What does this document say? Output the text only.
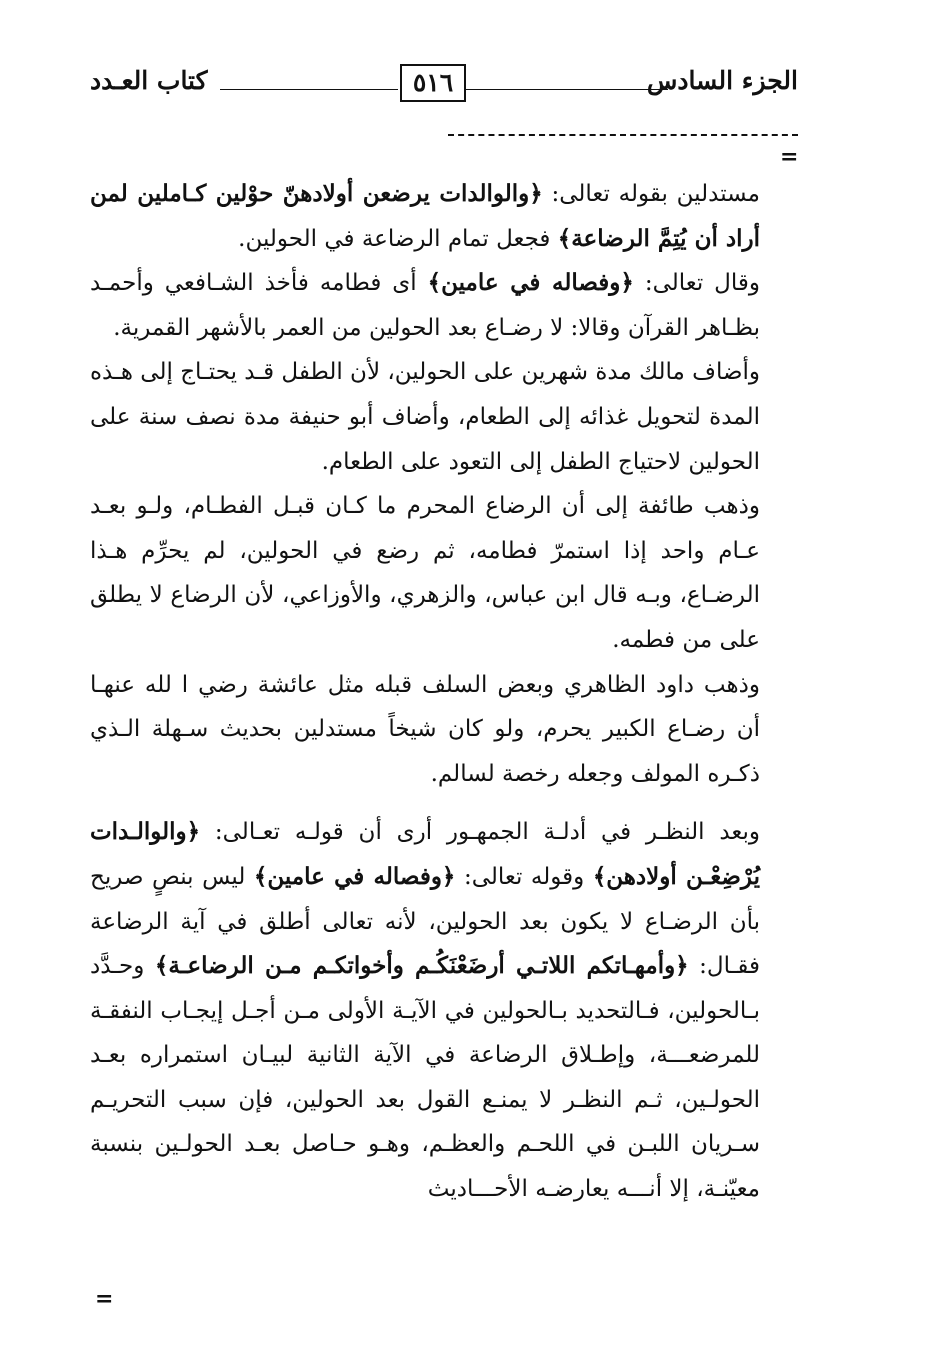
الجزء السادس
٥١٦
كتاب العـدد
=
=

مستدلين بقوله تعالى: ﴿والوالدات يرضعن أولادهنّ حوْلين كـاملين لمن أراد أن يُتِمَّ الرضاعة﴾ فجعل تمام الرضاعة في الحولين.

وقال تعالى: ﴿وفصاله في عامين﴾ أى فطامه فأخذ الشـافعي وأحمـد بظـاهر القرآن وقالا: لا رضـاع بعد الحولين من العمر بالأشهر القمرية.

وأضاف مالك مدة شهرين على الحولين، لأن الطفل قـد يحتـاج إلى هـذه المدة لتحويل غذائه إلى الطعام، وأضاف أبو حنيفة مدة نصف سنة على الحولين لاحتياج الطفل إلى التعود على الطعام.

وذهب طائفة إلى أن الرضاع المحرم ما كـان قبـل الفطـام، ولـو بعـد عـام واحد إذا استمرّ فطامه، ثم رضع في الحولين، لم يحرِّم هـذا الرضـاع، وبـه قال ابن عباس، والزهري، والأوزاعي، لأن الرضاع لا يطلق على من فطمه.

وذهب داود الظاهري وبعض السلف قبله مثل عائشة رضي ا لله عنهـا أن رضـاع الكبير يحرم، ولو كان شيخاً مستدلين بحديث سـهلة الـذي ذكـره المولف وجعله رخصة لسالم.

وبعد النظـر في أدلـة الجمهـور أرى أن قولـه تعـالى: ﴿والوالـدات يُرْضِعْـن أولادهن﴾ وقوله تعالى: ﴿وفصاله في عامين﴾ ليس بنصٍ صريح بأن الرضـاع لا يكون بعد الحولين، لأنه تعالى أطلق في آية الرضاعة فقـال: ﴿وأمهـاتكم اللاتـي أرضَعْنَكُـم وأخواتكـم مـن الرضاعـة﴾ وحـدَّد بـالحولين، فـالتحديد بـالحولين في الآيـة الأولى مـن أجـل إيجـاب النفقـة للمرضعـــة، وإطـلاق الرضاعة في الآية الثانية لبيـان استمراره بعـد الحولـين، ثـم النظـر لا يمنـع القول بعد الحولين، فإن سبب التحريـم سـريان اللبـن في اللحـم والعظـم، وهـو حـاصل بعـد الحولـين بنسبة معيّنـة، إلا أنـــه يعارضـه الأحـــاديث
